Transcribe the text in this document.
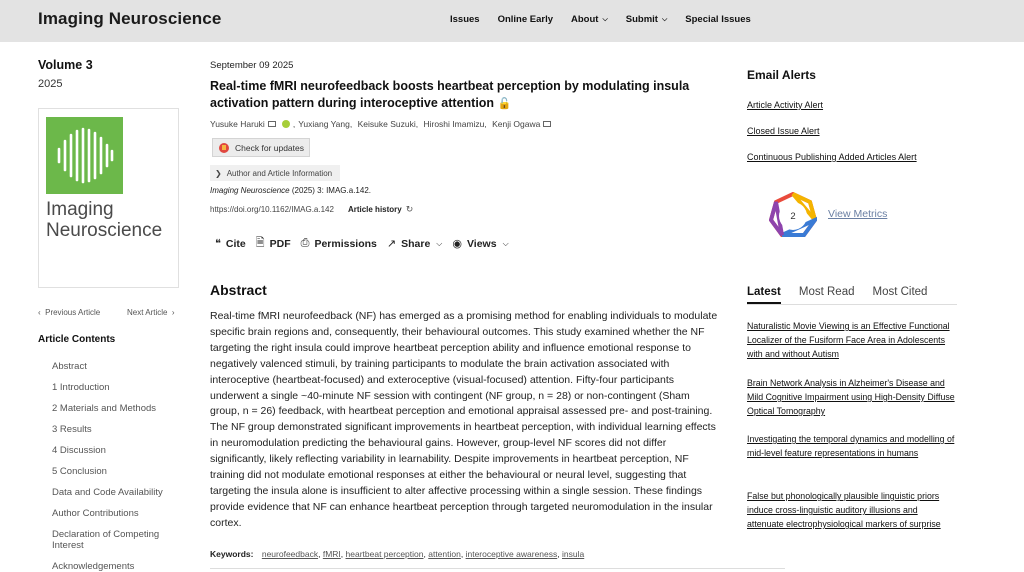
Imaging Neuroscience	Issues Online Early About ⌵ Submit ⌵ Special Issues
Volume 3
2025
Imaging
Neuroscience
‹  Previous Article	Next Article  ›
Article Contents
Abstract
1 Introduction
2 Materials and Methods
3 Results
4 Discussion
5 Conclusion
Data and Code Availability
Author Contributions
Declaration of Competing Interest
Acknowledgements
September 09 2025
Real-time fMRI neurofeedback boosts heartbeat perception by modulating insula activation pattern during interoceptive attention 🔓
Yusuke Haruki	, Yuxiang Yang , Keisuke Suzuki , Hiroshi Imamizu , Kenji Ogawa
Check for updates
❯ Author and Article Information
Imaging Neuroscience (2025) 3: IMAG.a.142.
https://doi.org/10.1162/IMAG.a.142 Article history ↻
❝ Cite 🗎 PDF ⎙ Permissions ↗ Share ⌵ ◉ Views ⌵
Abstract
Real-time fMRI neurofeedback (NF) has emerged as a promising method for enabling individuals to modulate specific brain regions and, consequently, their behavioural outcomes. This study examined whether the NF targeting the right insula could improve heartbeat perception ability and influence emotional response to negatively valenced stimuli, by training participants to modulate the brain activation associated with interoceptive (heartbeat-focused) and exteroceptive (visual-focused) attention. Fifty-four participants underwent a single ~40-minute NF session with contingent (NF group, n = 28) or non-contingent (Sham group, n = 26) feedback, with heartbeat perception and emotional appraisal assessed pre- and post-training. The NF group demonstrated significant improvements in heartbeat perception, with individual learning effects in neuromodulation predicting the behavioural gains. However, group-level NF scores did not differ significantly, likely reflecting variability in learnability. Despite improvements in heartbeat perception, NF training did not modulate emotional responses at either the behavioural or neural level, suggesting that targeting the insula alone is insufficient to alter affective processing within a single session. These findings provide evidence that NF can enhance heartbeat perception through targeted neuromodulation in the insular cortex.
Keywords: neurofeedback, fMRI, heartbeat perception, attention, interoceptive awareness, insula
Email Alerts
Article Activity Alert
Closed Issue Alert
Continuous Publishing Added Articles Alert
2	View Metrics
Latest Most Read Most Cited
Naturalistic Movie Viewing is an Effective Functional Localizer of the Fusiform Face Area in Adolescents with and without Autism
Brain Network Analysis in Alzheimer's Disease and Mild Cognitive Impairment using High-Density Diffuse Optical Tomography
Investigating the temporal dynamics and modelling of mid-level feature representations in humans
False but phonologically plausible linguistic priors induce cross-linguistic auditory illusions and attenuate electrophysiological markers of surprise
